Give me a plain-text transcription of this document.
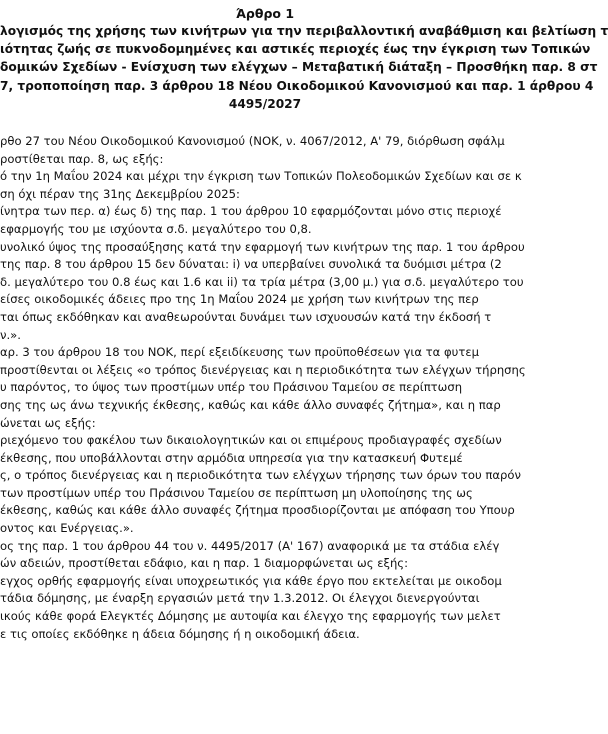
Άρθρο 1
λογισμός της χρήσης των κινήτρων για την περιβαλλοντική αναβάθμιση και βελτίωση τ
ιότητας ζωής σε πυκνοδομημένες και αστικές περιοχές έως την έγκριση των Τοπικών
δομικών Σχεδίων - Ενίσχυση των ελέγχων – Μεταβατική διάταξη – Προσθήκη παρ. 8 στ
7, τροποποίηση παρ. 3 άρθρου 18 Νέου Οικοδομικού Κανονισμού και παρ. 1 άρθρου 4
4495/2027
ρθο 27 του Νέου Οικοδομικού Κανονισμού (ΝΟΚ, ν. 4067/2012, Α' 79, διόρθωση σφάλμ
ροστίθεται παρ. 8, ως εξής:
ό την 1η Μαΐου 2024 και μέχρι την έγκριση των Τοπικών Πολεοδομικών Σχεδίων και σε κ
ση όχι πέραν της 31ης Δεκεμβρίου 2025:
ίνητρα των περ. α) έως δ) της παρ. 1 του άρθρου 10 εφαρμόζονται μόνο στις περιοχέ
εφαρμογής του με ισχύοντα σ.δ. μεγαλύτερο του 0,8.
υνολικό ύψος της προσαύξησης κατά την εφαρμογή των κινήτρων της παρ. 1 του άρθρου
της παρ. 8 του άρθρου 15 δεν δύναται: i) να υπερβαίνει συνολικά τα δυόμισι μέτρα (2
δ. μεγαλύτερο του 0.8 έως και 1.6 και ii) τα τρία μέτρα (3,00 μ.) για σ.δ. μεγαλύτερο του
είσες οικοδομικές άδειες προ της 1η Μαΐου 2024 με χρήση των κινήτρων της περ
ται όπως εκδόθηκαν και αναθεωρούνται δυνάμει των ισχυουσών κατά την έκδοσή τ
ν.».
αρ. 3 του άρθρου 18 του ΝΟΚ, περί εξειδίκευσης των προϋποθέσεων για τα φυτεμ
προστίθενται οι λέξεις «ο τρόπος διενέργειας και η περιοδικότητα των ελέγχων τήρησης
υ παρόντος, το ύψος των προστίμων υπέρ του Πράσινου Ταμείου σε περίπτωση
σης της ως άνω τεχνικής έκθεσης, καθώς και κάθε άλλο συναφές ζήτημα», και η παρ
ώνεται ως εξής:
ριεχόμενο του φακέλου των δικαιολογητικών και οι επιμέρους προδιαγραφές σχεδίων
έκθεσης, που υποβάλλονται στην αρμόδια υπηρεσία για την κατασκευή Φυτεμέ
ς, ο τρόπος διενέργειας και η περιοδικότητα των ελέγχων τήρησης των όρων του παρόν
των προστίμων υπέρ του Πράσινου Ταμείου σε περίπτωση μη υλοποίησης της ως
έκθεσης, καθώς και κάθε άλλο συναφές ζήτημα προσδιορίζονται με απόφαση του Υπουρ
οντος και Ενέργειας.».
ος της παρ. 1 του άρθρου 44 του ν. 4495/2017 (Α' 167) αναφορικά με τα στάδια ελέγ
ών αδειών, προστίθεται εδάφιο, και η παρ. 1 διαμορφώνεται ως εξής:
εγχος ορθής εφαρμογής είναι υποχρεωτικός για κάθε έργο που εκτελείται με οικοδομ
τάδια δόμησης, με έναρξη εργασιών μετά την 1.3.2012. Οι έλεγχοι διενεργούνται
ικούς κάθε φορά Ελεγκτές Δόμησης με αυτοψία και έλεγχο της εφαρμογής των μελετ
ε τις οποίες εκδόθηκε η άδεια δόμησης ή η οικοδομική άδεια.
